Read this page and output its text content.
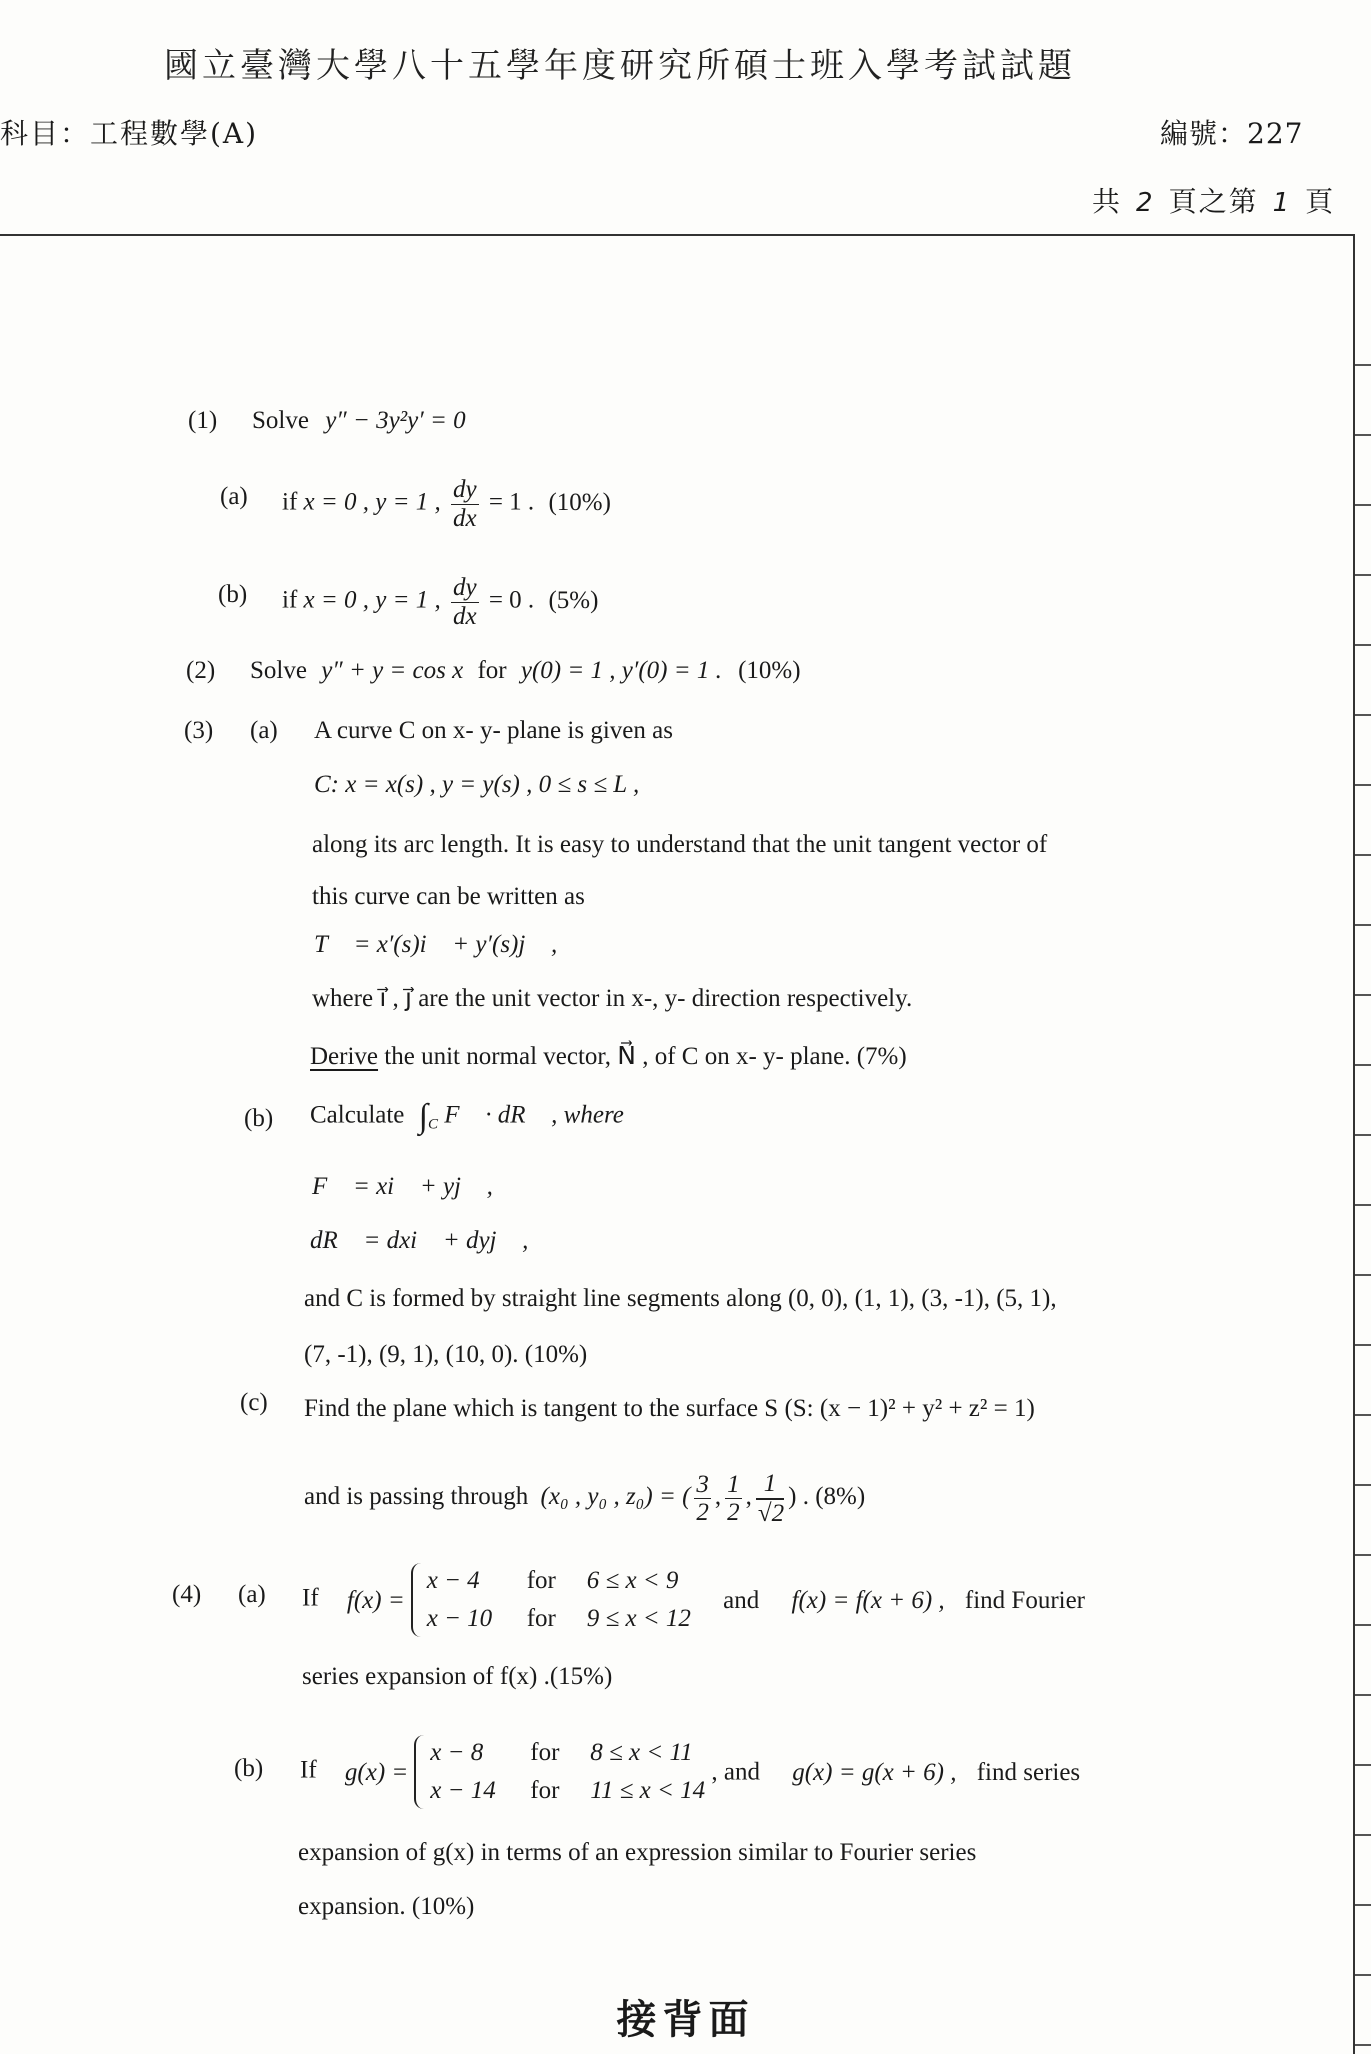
國立臺灣大學八十五學年度研究所碩士班入學考試試題
科目：工程數學(A)	編號：227
共 2 頁之第 1 頁
(1) Solve y″ − 3y²y′ = 0
(a) if x = 0 , y = 1 , $\frac{dy}{dx} = 1$ . (10%)
(b) if x = 0 , y = 1 , $\frac{dy}{dx} = 0$ . (5%)
(2) Solve y″ + y = cos x for y(0) = 1 , y′(0) = 1 . (10%)
(3) (a) A curve C on x- y- plane is given as
C: x = x(s) , y = y(s) , 0 ≤ s ≤ L ,
along its arc length. It is easy to understand that the unit tangent vector of
this curve can be written as
T⃗ = x′(s)i⃗ + y′(s)j⃗ ,
where i⃗ , j⃗ are the unit vector in x-, y- direction respectively.
Derive the unit normal vector, N⃗ , of C on x- y- plane. (7%)
(b) Calculate $\int_C$ F⃗ · dR⃗ , where
F⃗ = xi⃗ + yj⃗ ,
dR⃗ = dxi⃗ + dyj⃗ ,
and C is formed by straight line segments along (0, 0), (1, 1), (3, -1), (5, 1),
(7, -1), (9, 1), (10, 0). (10%)
(c) Find the plane which is tangent to the surface S (S: (x − 1)² + y² + z² = 1)
and is passing through (x₀ , y₀ , z₀) = ( $\frac{3}{2}$ , $\frac{1}{2}$ , $\frac{1}{√2}$ ) . (8%)
(4) (a) If f(x) =
x − 4 for 6 ≤ x < 9
x − 10 for 9 ≤ x < 12
and f(x) = f(x + 6) , find Fourier
series expansion of f(x) .(15%)
(b) If g(x) =
x − 8 for 8 ≤ x < 11
x − 14 for 11 ≤ x < 14
, and g(x) = g(x + 6) , find series
expansion of g(x) in terms of an expression similar to Fourier series
expansion. (10%)
接背面
